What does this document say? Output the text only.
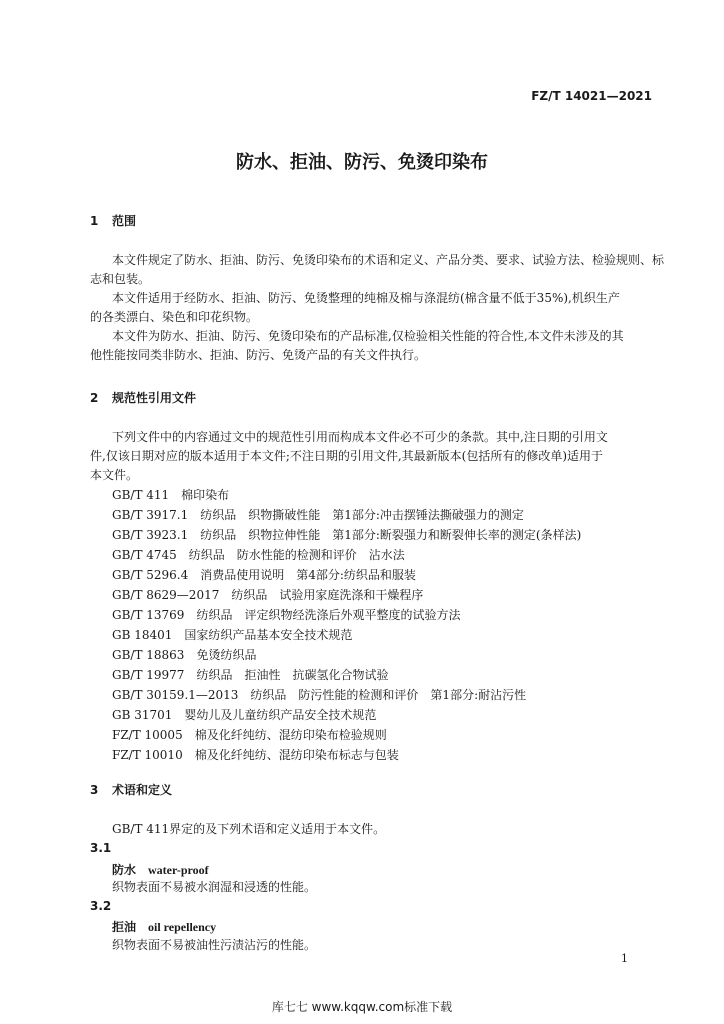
FZ/T 14021—2021
防水、拒油、防污、免烫印染布
1 范围
本文件规定了防水、拒油、防污、免烫印染布的术语和定义、产品分类、要求、试验方法、检验规则、标
志和包装。
本文件适用于经防水、拒油、防污、免烫整理的纯棉及棉与涤混纺(棉含量不低于35%),机织生产
的各类漂白、染色和印花织物。
本文件为防水、拒油、防污、免烫印染布的产品标准,仅检验相关性能的符合性,本文件未涉及的其
他性能按同类非防水、拒油、防污、免烫产品的有关文件执行。
2 规范性引用文件
下列文件中的内容通过文中的规范性引用而构成本文件必不可少的条款。其中,注日期的引用文
件,仅该日期对应的版本适用于本文件;不注日期的引用文件,其最新版本(包括所有的修改单)适用于
本文件。
GB/T 411　棉印染布
GB/T 3917.1　纺织品　织物撕破性能　第1部分:冲击摆锤法撕破强力的测定
GB/T 3923.1　纺织品　织物拉伸性能　第1部分:断裂强力和断裂伸长率的测定(条样法)
GB/T 4745　纺织品　防水性能的检测和评价　沾水法
GB/T 5296.4　消费品使用说明　第4部分:纺织品和服装
GB/T 8629—2017　纺织品　试验用家庭洗涤和干燥程序
GB/T 13769　纺织品　评定织物经洗涤后外观平整度的试验方法
GB 18401　国家纺织产品基本安全技术规范
GB/T 18863　免烫纺织品
GB/T 19977　纺织品　拒油性　抗碳氢化合物试验
GB/T 30159.1—2013　纺织品　防污性能的检测和评价　第1部分:耐沾污性
GB 31701　婴幼儿及儿童纺织产品安全技术规范
FZ/T 10005　棉及化纤纯纺、混纺印染布检验规则
FZ/T 10010　棉及化纤纯纺、混纺印染布标志与包装
3 术语和定义
GB/T 411界定的及下列术语和定义适用于本文件。
3.1
防水 water-proof
织物表面不易被水润湿和浸透的性能。
3.2
拒油 oil repellency
织物表面不易被油性污渍沾污的性能。
1
库七七 www.kqqw.com标准下载
